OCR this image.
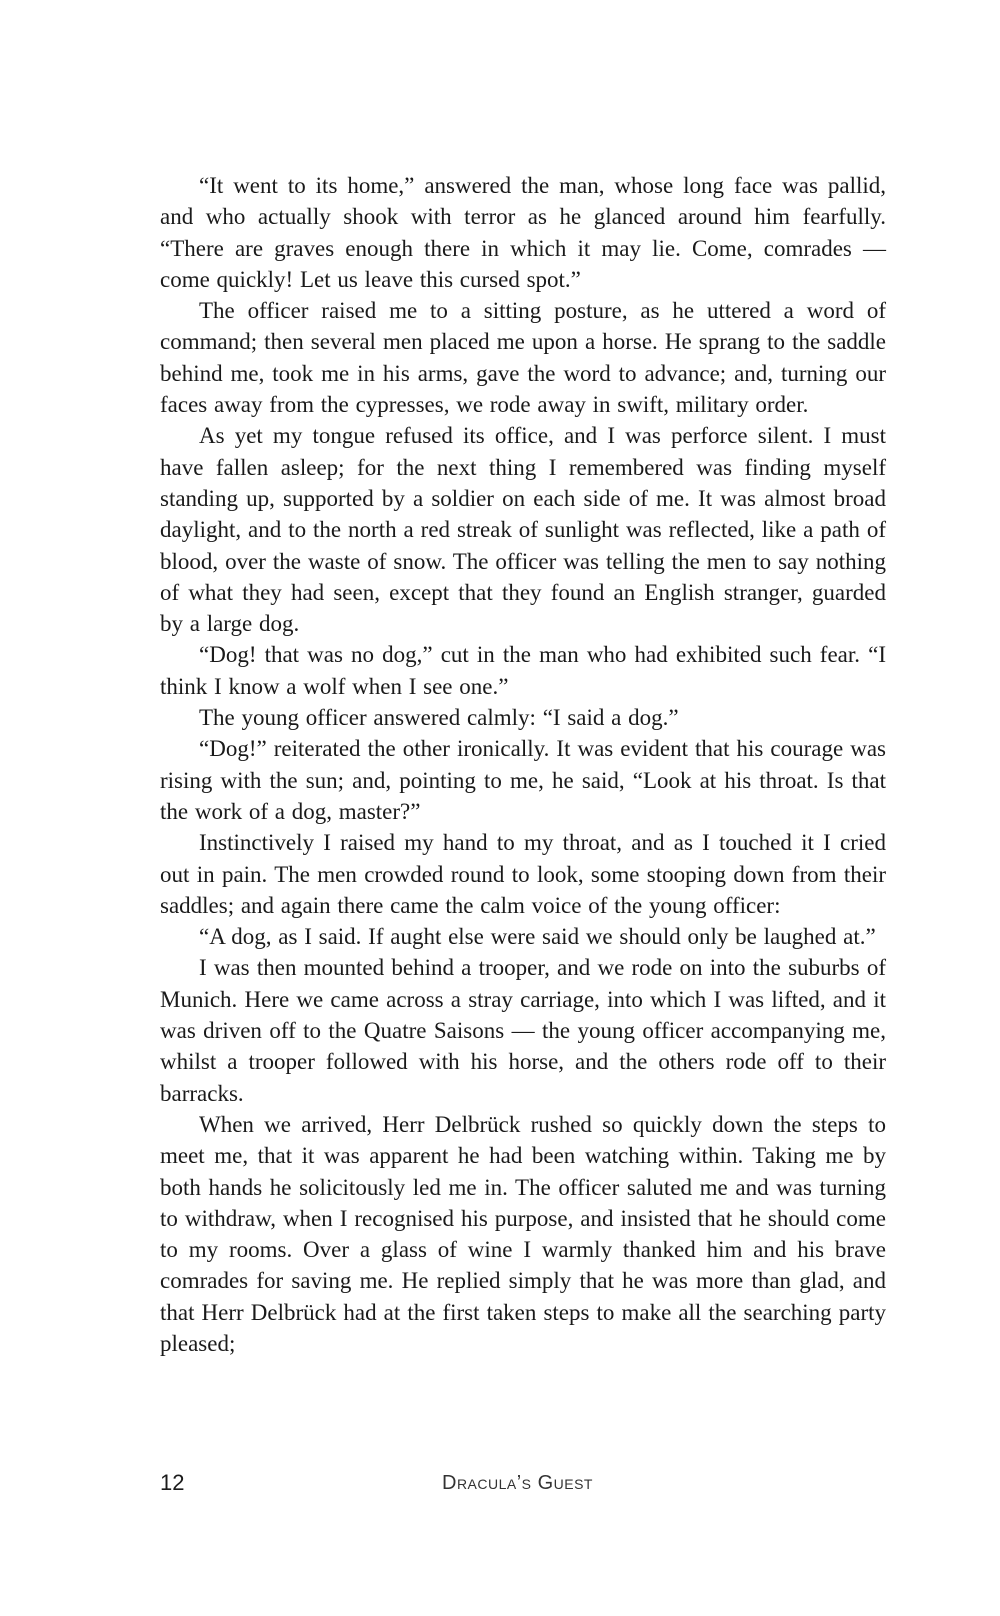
“It went to its home,” answered the man, whose long face was pallid, and who actually shook with terror as he glanced around him fearfully. “There are graves enough there in which it may lie. Come, comrades — come quickly! Let us leave this cursed spot.”

The officer raised me to a sitting posture, as he uttered a word of command; then several men placed me upon a horse. He sprang to the saddle behind me, took me in his arms, gave the word to advance; and, turning our faces away from the cypresses, we rode away in swift, military order.

As yet my tongue refused its office, and I was perforce silent. I must have fallen asleep; for the next thing I remembered was finding myself standing up, supported by a soldier on each side of me. It was almost broad daylight, and to the north a red streak of sunlight was reflected, like a path of blood, over the waste of snow. The officer was telling the men to say nothing of what they had seen, except that they found an English stranger, guarded by a large dog.

“Dog! that was no dog,” cut in the man who had exhibited such fear. “I think I know a wolf when I see one.”

The young officer answered calmly: “I said a dog.”

“Dog!” reiterated the other ironically. It was evident that his courage was rising with the sun; and, pointing to me, he said, “Look at his throat. Is that the work of a dog, master?”

Instinctively I raised my hand to my throat, and as I touched it I cried out in pain. The men crowded round to look, some stooping down from their saddles; and again there came the calm voice of the young officer:

“A dog, as I said. If aught else were said we should only be laughed at.”

I was then mounted behind a trooper, and we rode on into the suburbs of Munich. Here we came across a stray carriage, into which I was lifted, and it was driven off to the Quatre Saisons — the young officer accompanying me, whilst a trooper followed with his horse, and the others rode off to their barracks.

When we arrived, Herr Delbrück rushed so quickly down the steps to meet me, that it was apparent he had been watching within. Taking me by both hands he solicitously led me in. The officer saluted me and was turning to withdraw, when I recognised his purpose, and insisted that he should come to my rooms. Over a glass of wine I warmly thanked him and his brave comrades for saving me. He replied simply that he was more than glad, and that Herr Delbrück had at the first taken steps to make all the searching party pleased;

12	Dracula’s Guest
